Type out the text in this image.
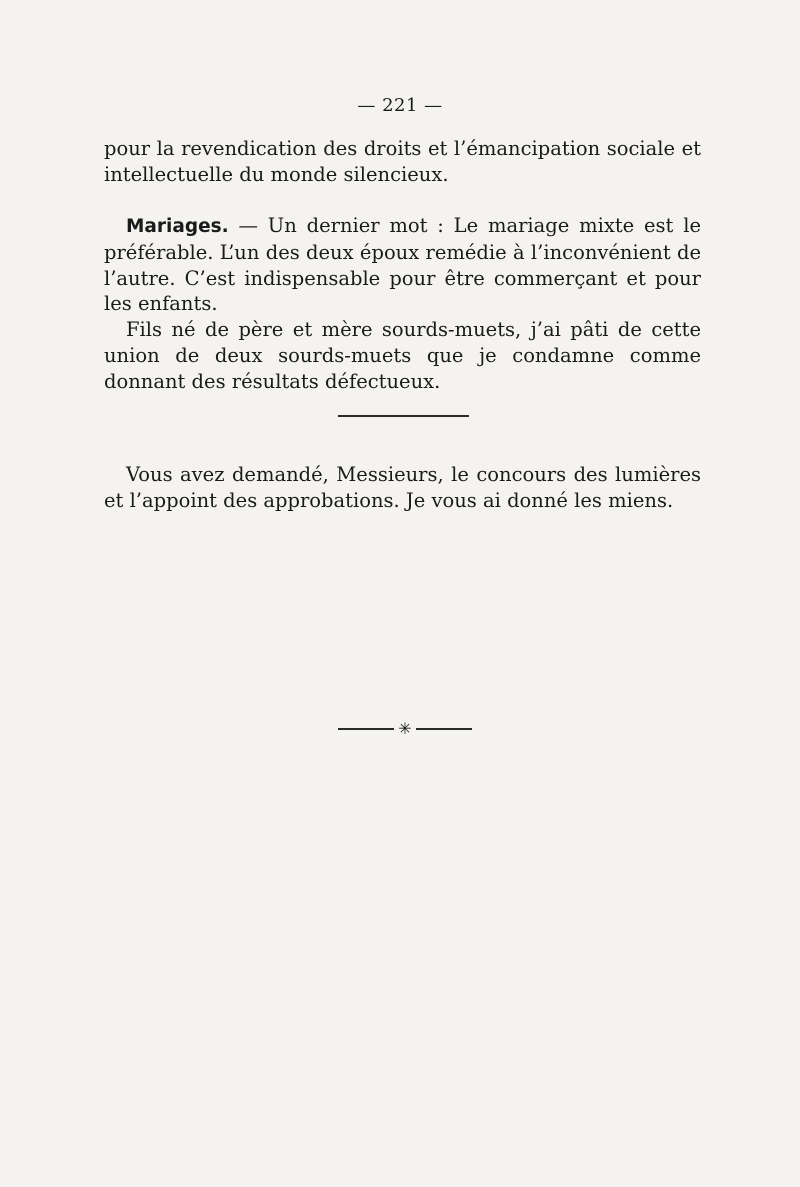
— 221 —

pour la revendication des droits et l’émancipation sociale et intellectuelle du monde silencieux.

Mariages. — Un dernier mot : Le mariage mixte est le préférable. L’un des deux époux remédie à l’inconvénient de l’autre. C’est indispensable pour être commerçant et pour les enfants.

Fils né de père et mère sourds-muets, j’ai pâti de cette union de deux sourds-muets que je condamne comme donnant des résultats défectueux.

Vous avez demandé, Messieurs, le concours des lumières et l’appoint des approbations. Je vous ai donné les miens.

✳
